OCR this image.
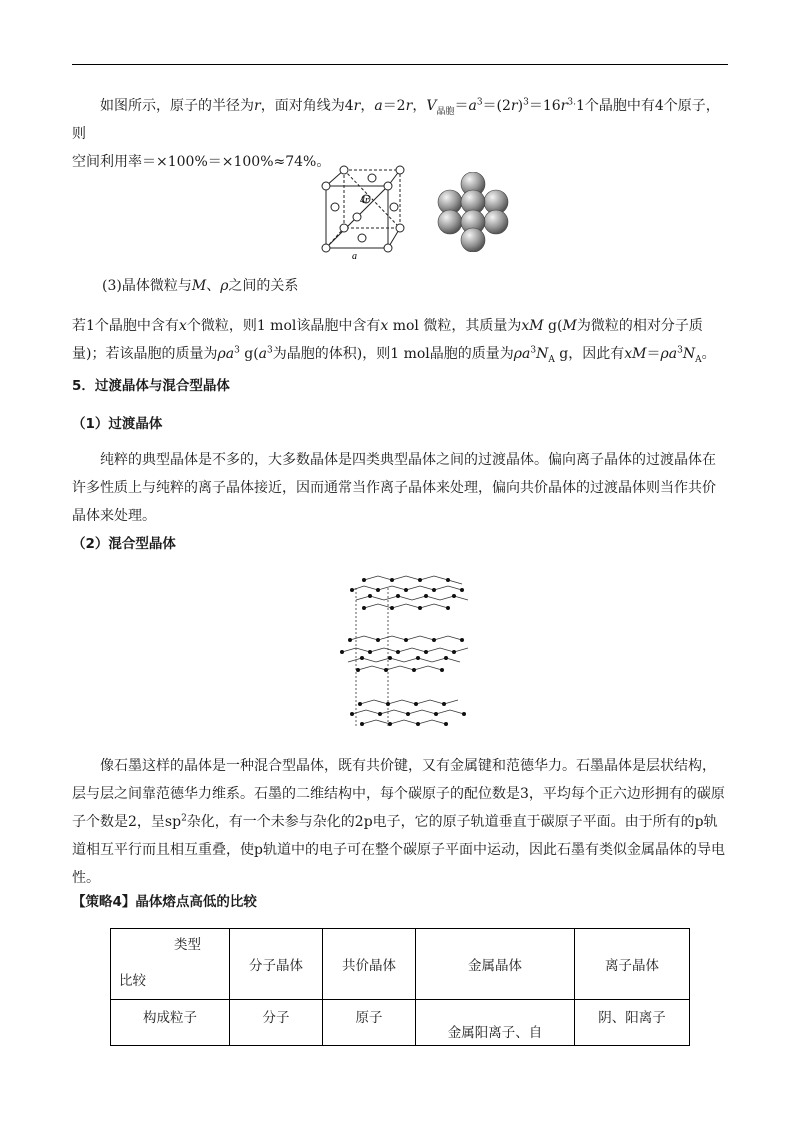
如图所示，原子的半径为r，面对角线为4r，a＝2r，$V_{晶胞}=a^3=(2r)^3=16r^{3.}1$个晶胞中有4个原子，则
空间利用率＝×100%＝×100%≈74%。
4r
a
(3)晶体微粒与M、ρ之间的关系
若1个晶胞中含有x个微粒，则1 mol该晶胞中含有x mol 微粒，其质量为xM g(M为微粒的相对分子质量)；若该晶胞的质量为$\rho a^3$ $g(a^3$为晶胞的体积)，则1 mol晶胞的质量为$\rho a^3N_A$ g，因此有$xM=\rho a^3N_A$。
5．过渡晶体与混合型晶体
（1）过渡晶体
纯粹的典型晶体是不多的，大多数晶体是四类典型晶体之间的过渡晶体。偏向离子晶体的过渡晶体在许多性质上与纯粹的离子晶体接近，因而通常当作离子晶体来处理，偏向共价晶体的过渡晶体则当作共价晶体来处理。
（2）混合型晶体
像石墨这样的晶体是一种混合型晶体，既有共价键，又有金属键和范德华力。石墨晶体是层状结构，层与层之间靠范德华力维系。石墨的二维结构中，每个碳原子的配位数是3，平均每个正六边形拥有的碳原子个数是2，呈$sp^2$杂化，有一个未参与杂化的2p电子，它的原子轨道垂直于碳原子平面。由于所有的p轨道相互平行而且相互重叠，使p轨道中的电子可在整个碳原子平面中运动，因此石墨有类似金属晶体的导电性。
【策略4】晶体熔点高低的比较
类型
比较	分子晶体	共价晶体	金属晶体	离子晶体
构成粒子	分子	原子	金属阳离子、自	阴、阳离子
